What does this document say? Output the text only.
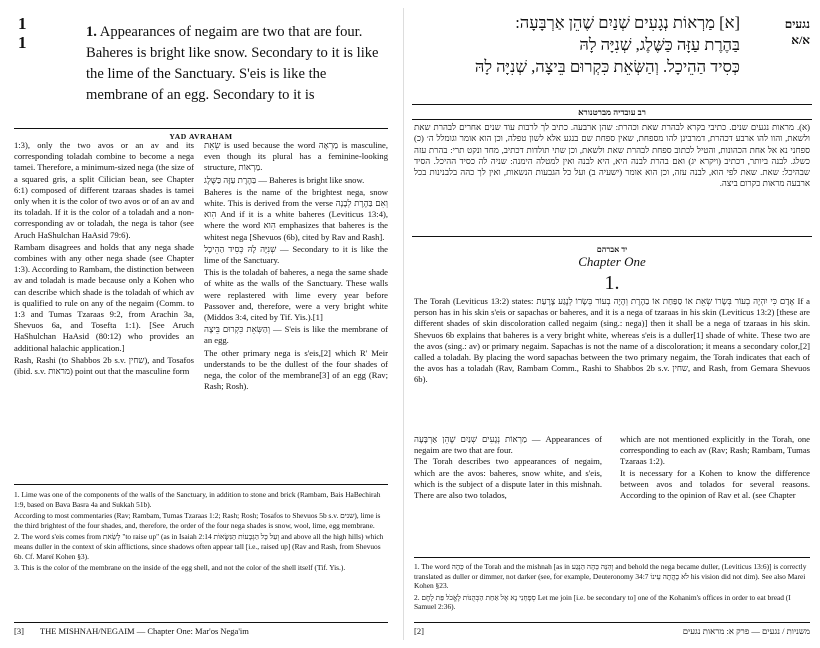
1
1
1. Appearances of negaim are two that are four. Baheres is bright like snow. Secondary to it is like the lime of the Sanctuary. S'eis is like the membrane of an egg. Secondary to it is
YAD AVRAHAM

1:3), only the two avos or an av and its corresponding toladah combine to become a nega tamei. Therefore, a minimum-sized nega (the size of a squared gris, a split Cilician bean, see Chapter 6:1) composed of different tzaraas shades is tamei only when it is the color of two avos or of an av and its toladah. If it is the color of a toladah and a non-corresponding av or toladah, the nega is tahor (see Aruch HaShulchan HaAsid 79:6).

Rambam disagrees and holds that any nega shade combines with any other nega shade (see Chapter 1:3). According to Rambam, the distinction between av and toladah is made because only a Kohen who can describe which shade is the toladah of which av is qualified to rule on any of the negaim (Comm. to 1:3 and Tumas Tzaraas 9:2, from Arachin 3a, Shevuos 6a, and Tosefta 1:1). [See Aruch HaShulchan HaAsid (80:12) who provides an additional halachic application.]

Rash, Rashi (to Shabbos 2b s.v. שחין), and Tosafos (ibid. s.v. מראות) point out that the masculine form

שְׂאֵת is used because the word מַרְאָה is masculine, even though its plural has a feminine-looking structure, מַרְאוֹת.

בַּהֶרֶת עַזָּה כַּשֶּׁלֶג — Baheres is bright like snow.

Baheres is the name of the brightest nega, snow white. This is derived from the verse וְאִם בַּהֶרֶת לְבָנָה הִוא And if it is a white baheres (Leviticus 13:4), where the word הִוא emphasizes that baheres is the whitest nega [Shevuos (6b), cited by Rav and Rash].

שְׁנִיָּה לָהּ כְּסִיד הַהֵיכָל — Secondary to it is like the lime of the Sanctuary.

This is the toladah of baheres, a nega the same shade of white as the walls of the Sanctuary. These walls were replastered with lime every year before Passover and, therefore, were a very bright white (Middos 3:4, cited by Tif. Yis.).[1]

וְהַשְּׂאֵת כִּקְרוּם בֵּיצָה — S'eis is like the membrane of an egg.

The other primary nega is s'eis,[2] which R' Meir understands to be the dullest of the four shades of nega, the color of the membrane[3] of an egg (Rav; Rash; Rosh).

1. Lime was one of the components of the walls of the Sanctuary, in addition to stone and brick (Rambam, Bais HaBechirah 1:9, based on Bava Basra 4a and Sukkah 51b).

According to most commentaries (Rav; Rambam, Tumas Tzaraas 1:2; Rash; Rosh; Tosafos to Shevuos 5b s.v. שנים), lime is the third brightest of the four shades, and, therefore, the order of the four nega shades is snow, wool, lime, egg membrane.

2. The word s'eis comes from לְשֵׂאת "to raise up" (as in Isaiah 2:14 וְעַל כָּל הַגְּבָעוֹת הַנִּשָּׂאוֹת and above all the high hills) which means duller in the context of skin afflictions, since shadows often appear tall [i.e., raised up] (Rav and Rash, from Shevuos 6b. Cf. Mareï Kohen §3).

3. This is the color of the membrane on the inside of the egg shell, and not the color of the shell itself (Tif. Yis.).

[3] THE MISHNAH/NEGAIM — Chapter One: Mar'os Nega'im
נגעים
א/א
[א] מַרְאוֹת נְגָעִים שְׁנַיִם שֶׁהֵן אַרְבָּעָה:
בַּהֶרֶת עַזָּה כַּשֶּׁלֶג, שְׁנִיָּה לָהּ
כְּסִיד הַהֵיכָל. וְהַשְּׂאֵת כִּקְרוּם בֵּיצָה, שְׁנִיָּה לָהּ
רב עובדיה מברטנורא
(א). מראות נגעים שנים. כתיבי בקרא לבהרת שאת וכהרת: שהן ארבעה. כתיב לך לרבות עוד שנים אחרים לבהרת שאת ולשאת, והוו להו ארבע דכהרת, דמרבינן להו מספחת, שאין ספחת שם בנגע אלא לשון טפלה, וכן הוא אומר וגומלל ה׳ (כ) ספחני נא אל אחת הכהונות, והטיל לכתוב ספחת לבהרת שאת ולשאת, וכן שתי תולדות דכתיב, מחד ונקט תרי: בהרת עזה כשלג. לבנה ביותר, דכתיב (ויקרא יג) ואם בהרת לבנה היא, היא לבנה ואין למטלה הימנה: שניה לה כסיד ההיכל. הסיד שבהיכל: שאת. שאת לפי הוא, לבנה עזה, וכן הוא אומר (ישעיה ב) ועל כל הגבעות הנשאות, ואין לך כהה בלבנינות בכל ארבעה מראות כקרום ביצה.
יד אברהם
Chapter One
1.
The Torah (Leviticus 13:2) states: אָדָם כִּי יִהְיֶה בְעוֹר בְּשָׂרוֹ שְׂאֵת אוֹ סַפַּחַת אוֹ בַהֶרֶת וְהָיָה בְעוֹר בְּשָׂרוֹ לְנֶגַע צָרָעַת If a person has in his skin s'eis or sapachas or baheres, and it is a nega of tzaraas in his skin (Leviticus 13:2) [these are different shades of skin discoloration called negaim (sing.: nega)] then it shall be a nega of tzaraas in his skin. Shevuos 6b explains that baheres is a very bright white, whereas s'eis is a duller[1] shade of white. These two are the avos (sing.: av) or primary negaim. Sapachas is not the name of a discoloration; it means a secondary color,[2] called a toladah. By placing the word sapachas between the two primary negaim, the Torah indicates that each of the avos has a toladah (Rav, Rambam Comm., Rashi to Shabbos 2b s.v. שחין, and Rash, from Gemara Shevuos 6b).

מַרְאוֹת נְגָעִים שְׁנַיִם שֶׁהֵן אַרְבָּעָה — Appearances of negaim are two that are four.

The Torah describes two appearances of negaim, which are the avos: baheres, snow white, and s'eis, which is the subject of a dispute later in this mishnah. There are also two tolados,

which are not mentioned explicitly in the Torah, one corresponding to each av (Rav; Rash; Rambam, Tumas Tzaraas 1:2).

It is necessary for a Kohen to know the difference between avos and tolados for several reasons. According to the opinion of Rav et al. (see Chapter

1. The word כֵּהָה of the Torah and the mishnah [as in וְהִנֵּה כֵּהָה הַנֶּגַע and behold the nega became duller, (Leviticus 13:6)] is correctly translated as duller or dimmer, not darker (see, for example, Deuteronomy 34:7 לֹא כָהֲתָה עֵינוֹ his vision did not dim). See also Marei Kohen §23.

2. סְפָחֵנִי נָא אֶל אַחַת הַכְּהֻנּוֹת לֶאֱכֹל פַּת לָחֶם Let me join [i.e. be secondary to] one of the Kohanim's offices in order to eat bread (I Samuel 2:36).

[2]	משניות / נגעים — פרק א: מראות נגעים
